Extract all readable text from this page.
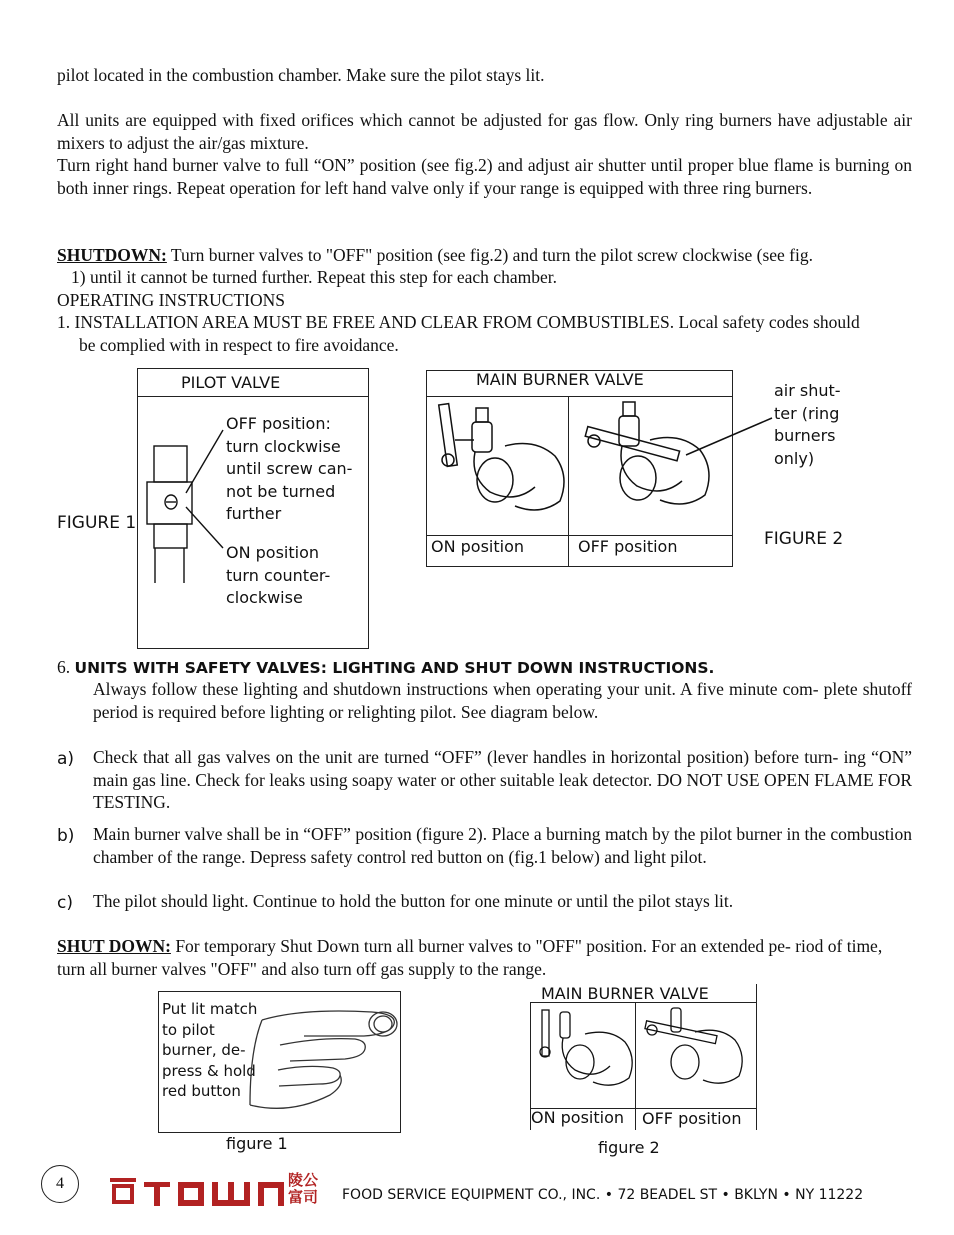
pilot located in the combustion chamber. Make sure the pilot stays lit.

All units are equipped with fixed orifices which cannot be adjusted for gas flow. Only ring burners have adjustable air mixers to adjust the air/gas mixture.

Turn right hand burner valve to full “ON” position (see fig.2) and adjust air shutter until proper blue flame is burning on both inner rings. Repeat operation for left hand valve only if your range is equipped with three ring burners.

SHUTDOWN: Turn burner valves to "OFF" position (see fig.2) and turn the pilot screw clockwise (see fig.

1) until it cannot be turned further. Repeat this step for each chamber.

OPERATING INSTRUCTIONS

1. INSTALLATION AREA MUST BE FREE AND CLEAR FROM COMBUSTIBLES. Local safety codes should

be complied with in respect to fire avoidance.

PILOT VALVE
OFF position: turn clockwise until screw can- not be turned further
ON position turn counter- clockwise
FIGURE 1
MAIN BURNER VALVE
ON position	OFF position
air shut- ter (ring burners only)
FIGURE 2

6. UNITS WITH SAFETY VALVES: LIGHTING AND SHUT DOWN INSTRUCTIONS.

Always follow these lighting and shutdown instructions when operating your unit. A five minute com- plete shutoff period is required before lighting or relighting pilot. See diagram below.

a) Check that all gas valves on the unit are turned “OFF” (lever handles in horizontal position) before turn- ing “ON” main gas line. Check for leaks using soapy water or other suitable leak detector. DO NOT USE OPEN FLAME FOR TESTING.

b) Main burner valve shall be in “OFF” position (figure 2). Place a burning match by the pilot burner in the combustion chamber of the range. Depress safety control red button on (fig.1 below) and light pilot.

c) The pilot should light. Continue to hold the button for one minute or until the pilot stays lit.

SHUT DOWN: For temporary Shut Down turn all burner valves to "OFF" position. For an extended pe- riod of time, turn all burner valves "OFF" and also turn off gas supply to the range.

Put lit match to pilot burner, de- press & hold red button
figure 1
MAIN BURNER VALVE
ON position OFF position
figure 2
4	陵公富司	FOOD SERVICE EQUIPMENT CO., INC. • 72 BEADEL ST • BKLYN • NY 11222
